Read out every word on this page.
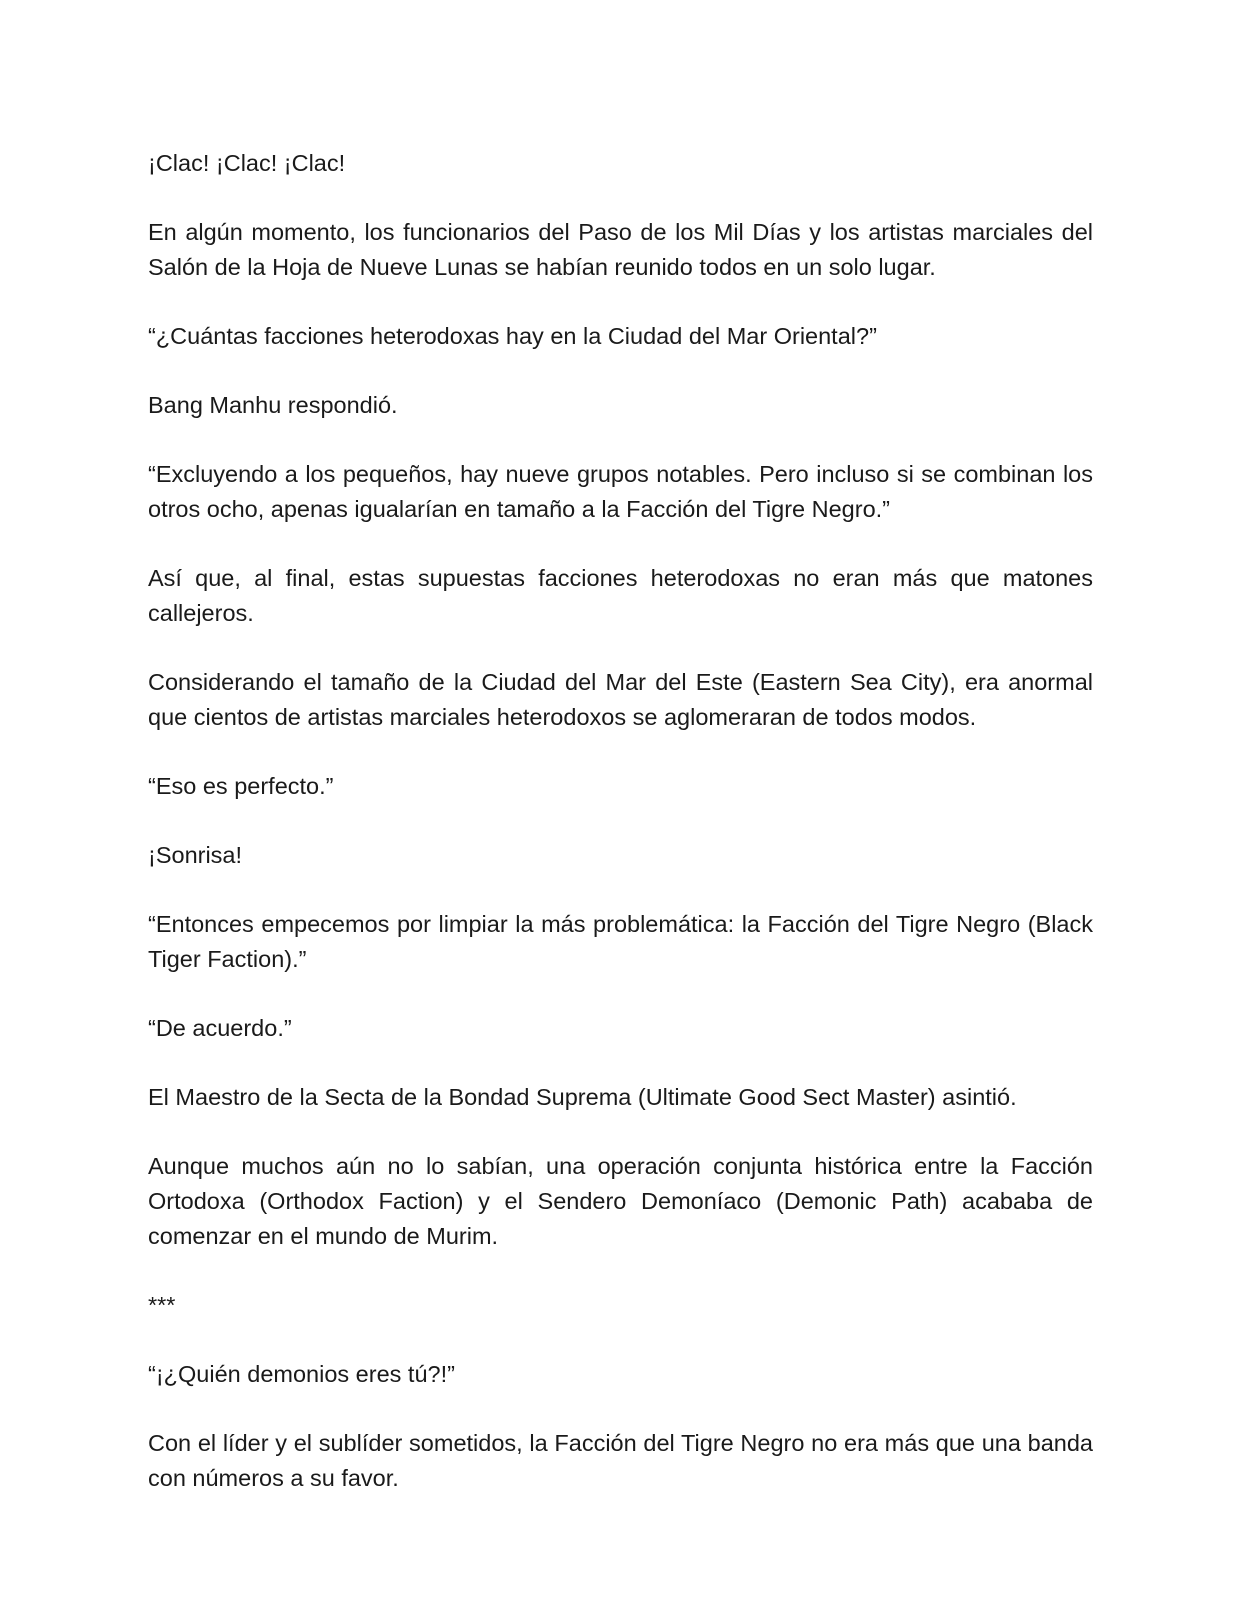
¡Clac! ¡Clac! ¡Clac!

En algún momento, los funcionarios del Paso de los Mil Días y los artistas marciales del Salón de la Hoja de Nueve Lunas se habían reunido todos en un solo lugar.

“¿Cuántas facciones heterodoxas hay en la Ciudad del Mar Oriental?”

Bang Manhu respondió.

“Excluyendo a los pequeños, hay nueve grupos notables. Pero incluso si se combinan los otros ocho, apenas igualarían en tamaño a la Facción del Tigre Negro.”

Así que, al final, estas supuestas facciones heterodoxas no eran más que matones callejeros.

Considerando el tamaño de la Ciudad del Mar del Este (Eastern Sea City), era anormal que cientos de artistas marciales heterodoxos se aglomeraran de todos modos.

“Eso es perfecto.”

¡Sonrisa!

“Entonces empecemos por limpiar la más problemática: la Facción del Tigre Negro (Black Tiger Faction).”

“De acuerdo.”

El Maestro de la Secta de la Bondad Suprema (Ultimate Good Sect Master) asintió.

Aunque muchos aún no lo sabían, una operación conjunta histórica entre la Facción Ortodoxa (Orthodox Faction) y el Sendero Demoníaco (Demonic Path) acababa de comenzar en el mundo de Murim.

***

“¡¿Quién demonios eres tú?!”

Con el líder y el sublíder sometidos, la Facción del Tigre Negro no era más que una banda con números a su favor.
